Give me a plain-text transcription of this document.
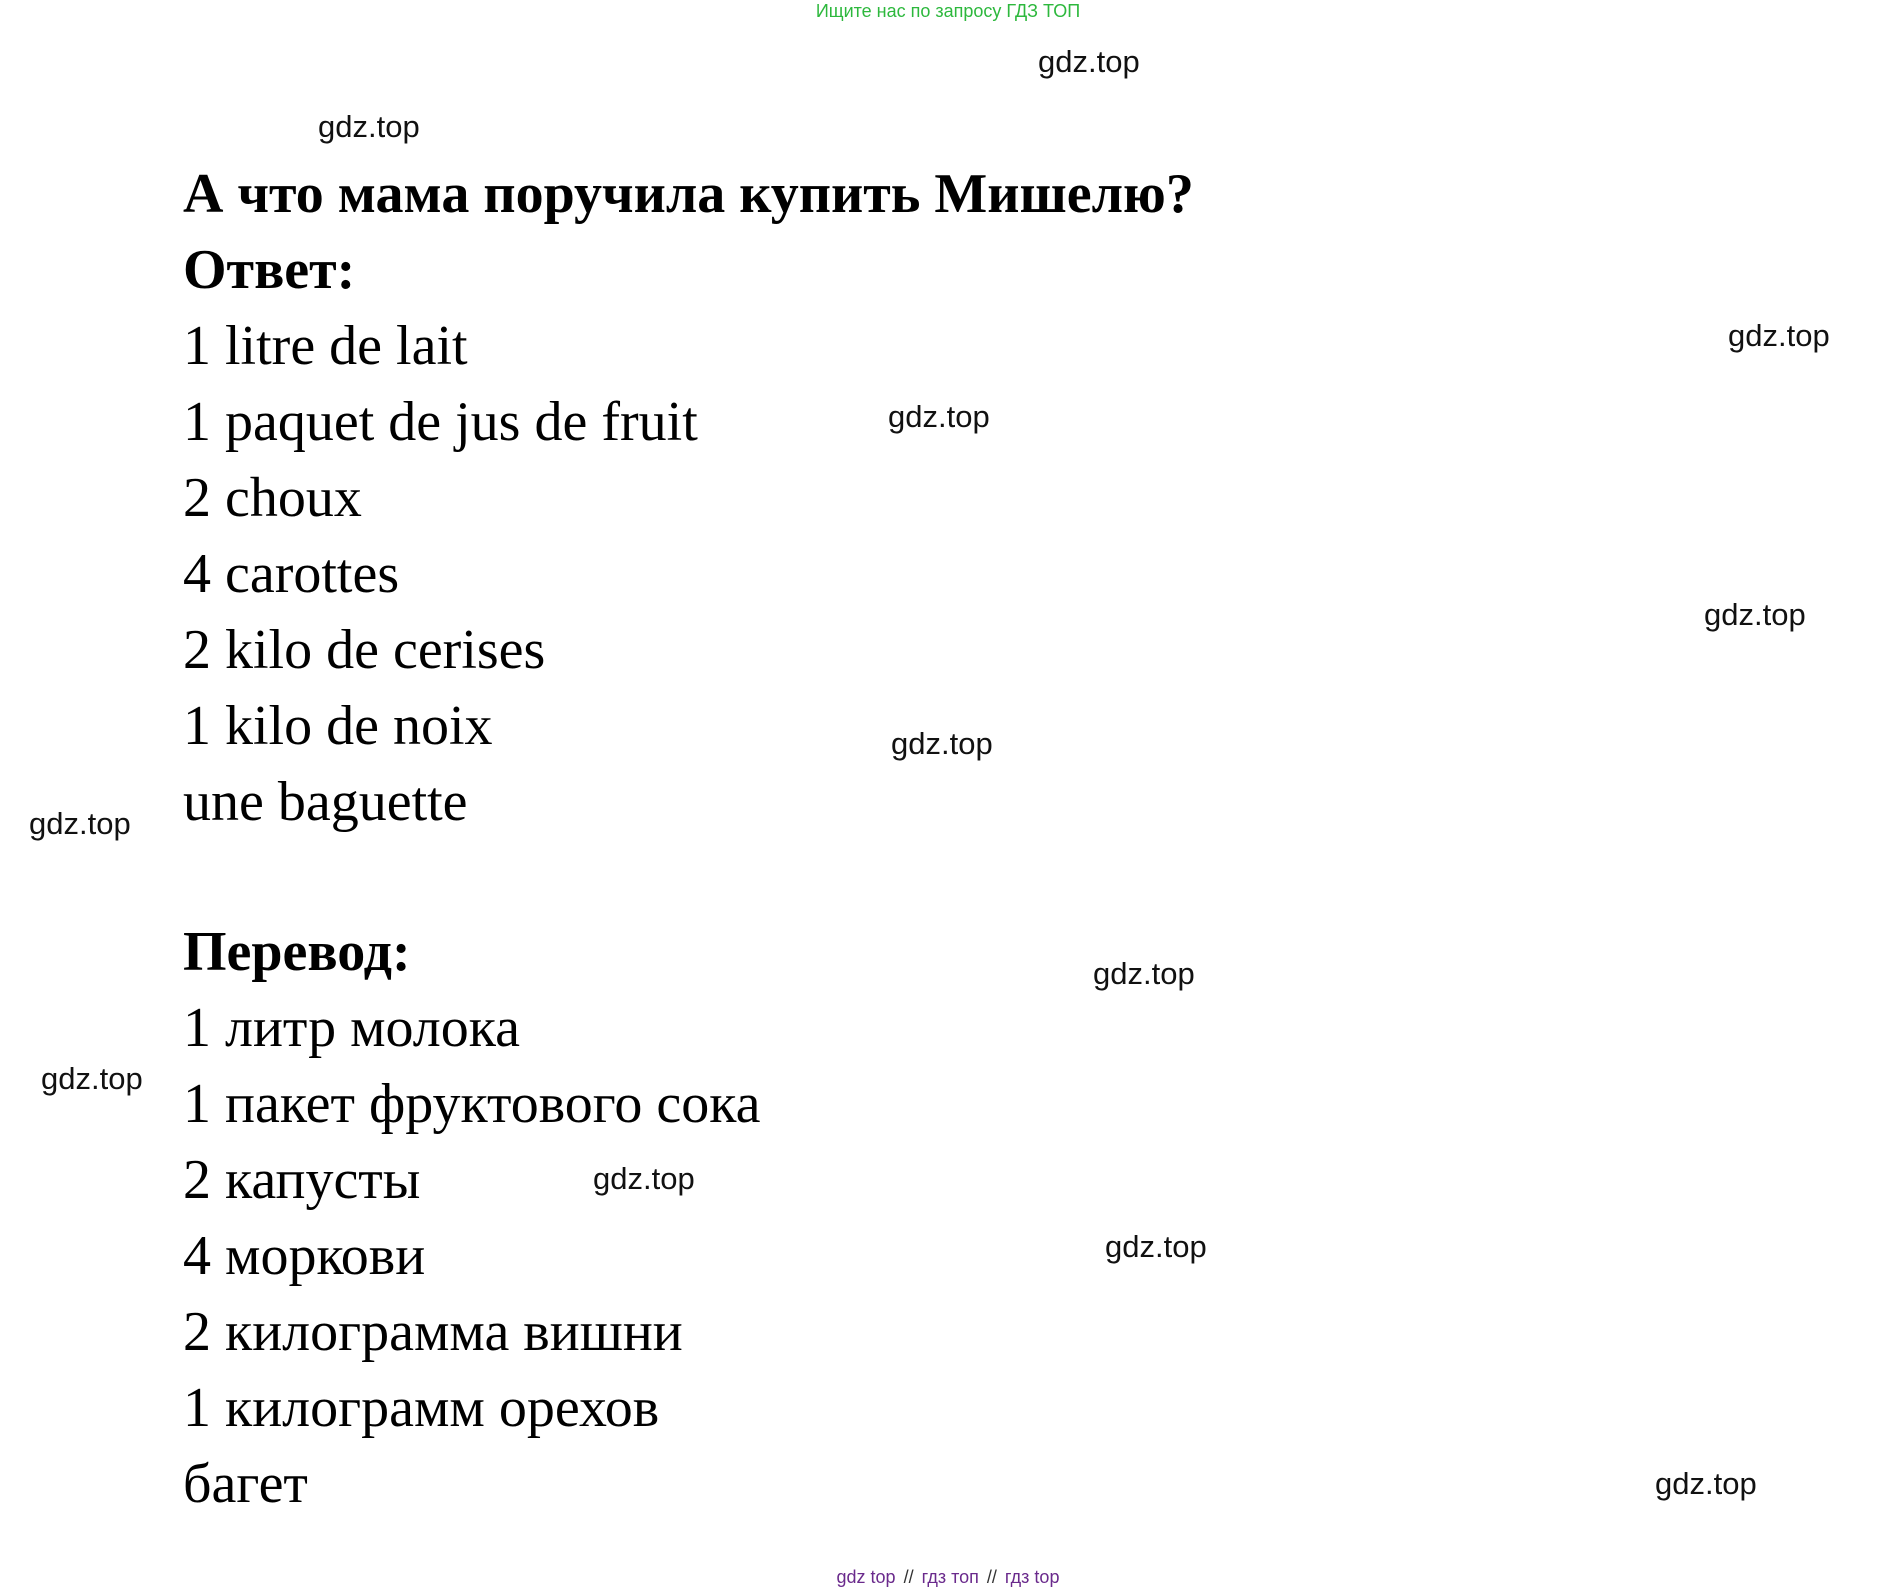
Ищите нас по запросу ГДЗ ТОП
А что мама поручила купить Мишелю?
Ответ:
1 litre de lait
1 paquet de jus de fruit
2 choux
4 carottes
2 kilo de cerises
1 kilo de noix
une baguette
Перевод:
1 литр молока
1 пакет фруктового сока
2 капусты
4 моркови
2 килограмма вишни
1 килограмм орехов
багет
gdz.top
gdz.top
gdz.top
gdz.top
gdz.top
gdz.top
gdz.top
gdz.top
gdz.top
gdz.top
gdz.top
gdz.top
gdz top // гдз топ // гдз top
